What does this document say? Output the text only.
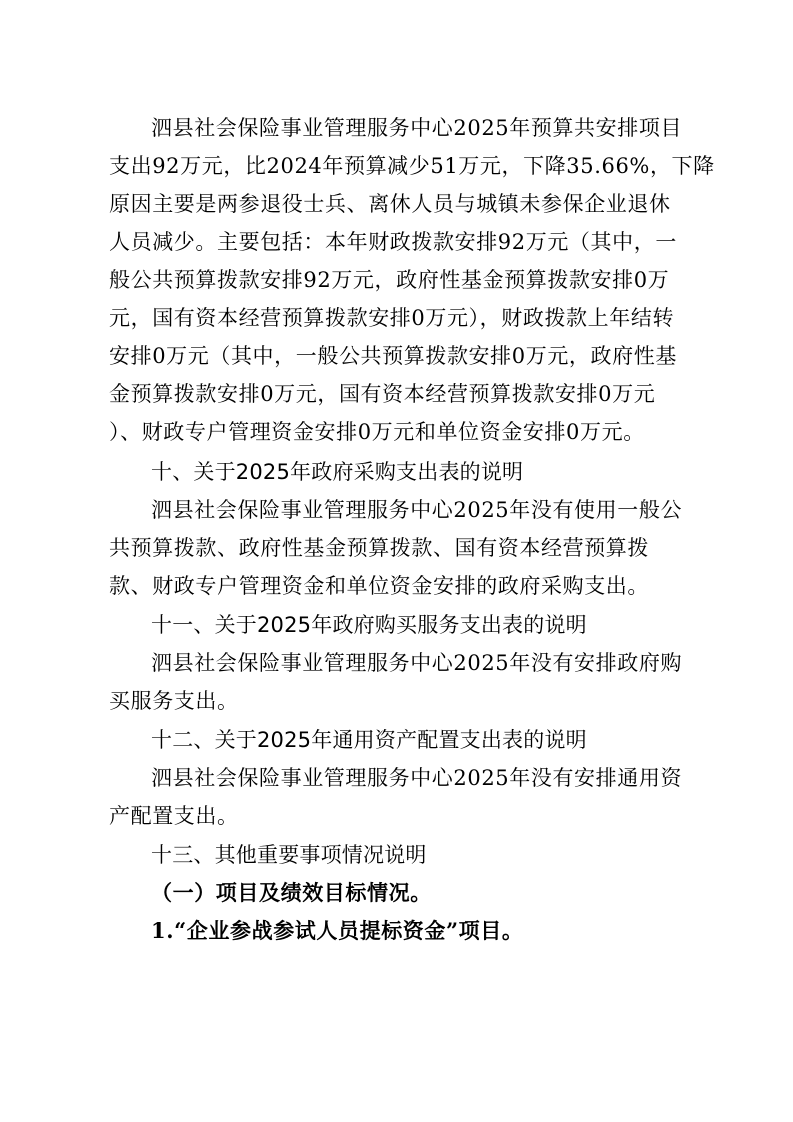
泗县社会保险事业管理服务中心2025年预算共安排项目
支出92万元，比2024年预算减少51万元，下降35.66%，下降
原因主要是两参退役士兵、离休人员与城镇未参保企业退休
人员减少。主要包括：本年财政拨款安排92万元（其中，一
般公共预算拨款安排92万元，政府性基金预算拨款安排0万
元，国有资本经营预算拨款安排0万元），财政拨款上年结转
安排0万元（其中，一般公共预算拨款安排0万元，政府性基
金预算拨款安排0万元，国有资本经营预算拨款安排0万元
）、财政专户管理资金安排0万元和单位资金安排0万元。
十、关于2025年政府采购支出表的说明
泗县社会保险事业管理服务中心2025年没有使用一般公
共预算拨款、政府性基金预算拨款、国有资本经营预算拨
款、财政专户管理资金和单位资金安排的政府采购支出。
十一、关于2025年政府购买服务支出表的说明
泗县社会保险事业管理服务中心2025年没有安排政府购
买服务支出。
十二、关于2025年通用资产配置支出表的说明
泗县社会保险事业管理服务中心2025年没有安排通用资
产配置支出。
十三、其他重要事项情况说明
（一）项目及绩效目标情况。
1.“企业参战参试人员提标资金”项目。
